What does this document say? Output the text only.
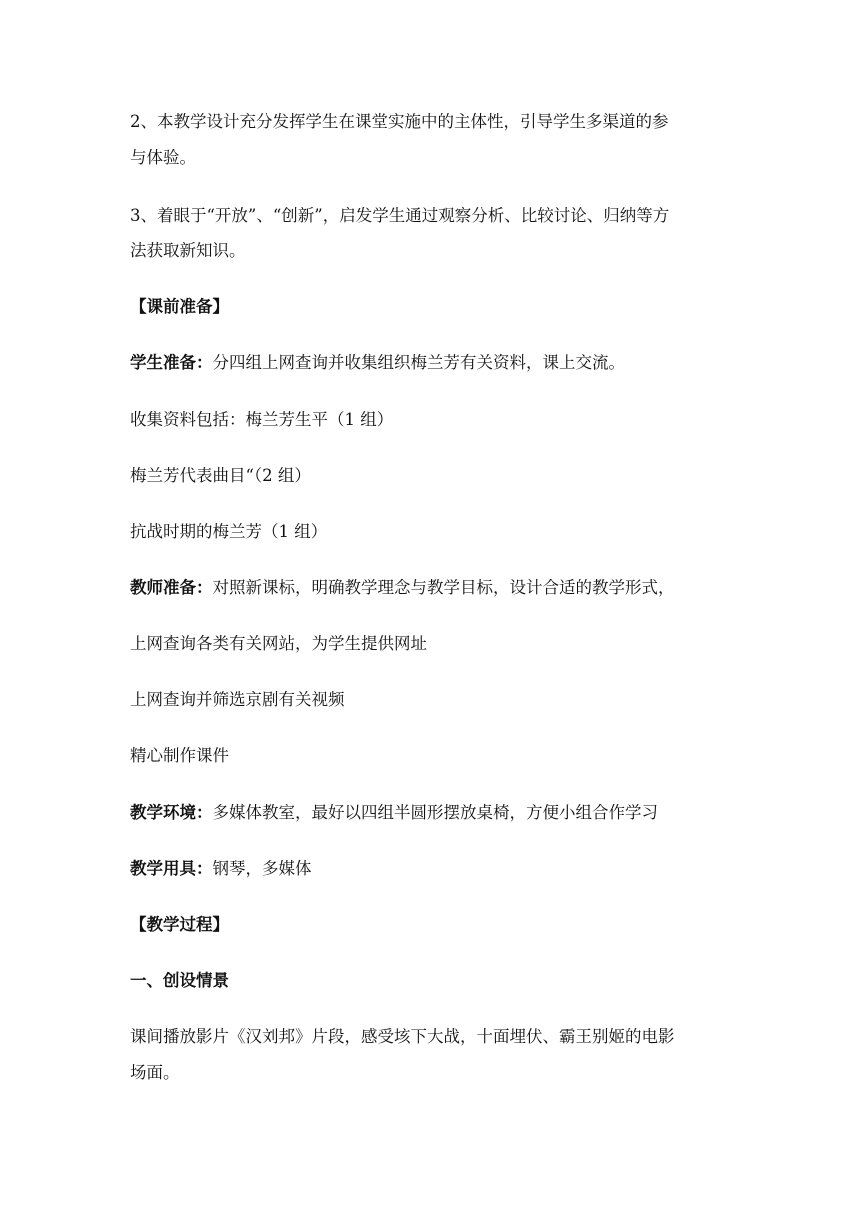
2、本教学设计充分发挥学生在课堂实施中的主体性，引导学生多渠道的参
与体验。
3、着眼于“开放”、“创新”，启发学生通过观察分析、比较讨论、归纳等方
法获取新知识。
【课前准备】
学生准备：分四组上网查询并收集组织梅兰芳有关资料，课上交流。
收集资料包括：梅兰芳生平（1 组）
梅兰芳代表曲目“（2 组）
抗战时期的梅兰芳（1 组）
教师准备：对照新课标，明确教学理念与教学目标，设计合适的教学形式，
上网查询各类有关网站，为学生提供网址
上网查询并筛选京剧有关视频
精心制作课件
教学环境：多媒体教室，最好以四组半圆形摆放桌椅，方便小组合作学习
教学用具：钢琴，多媒体
【教学过程】
一、创设情景
课间播放影片《汉刘邦》片段，感受垓下大战，十面埋伏、霸王别姬的电影
场面。
